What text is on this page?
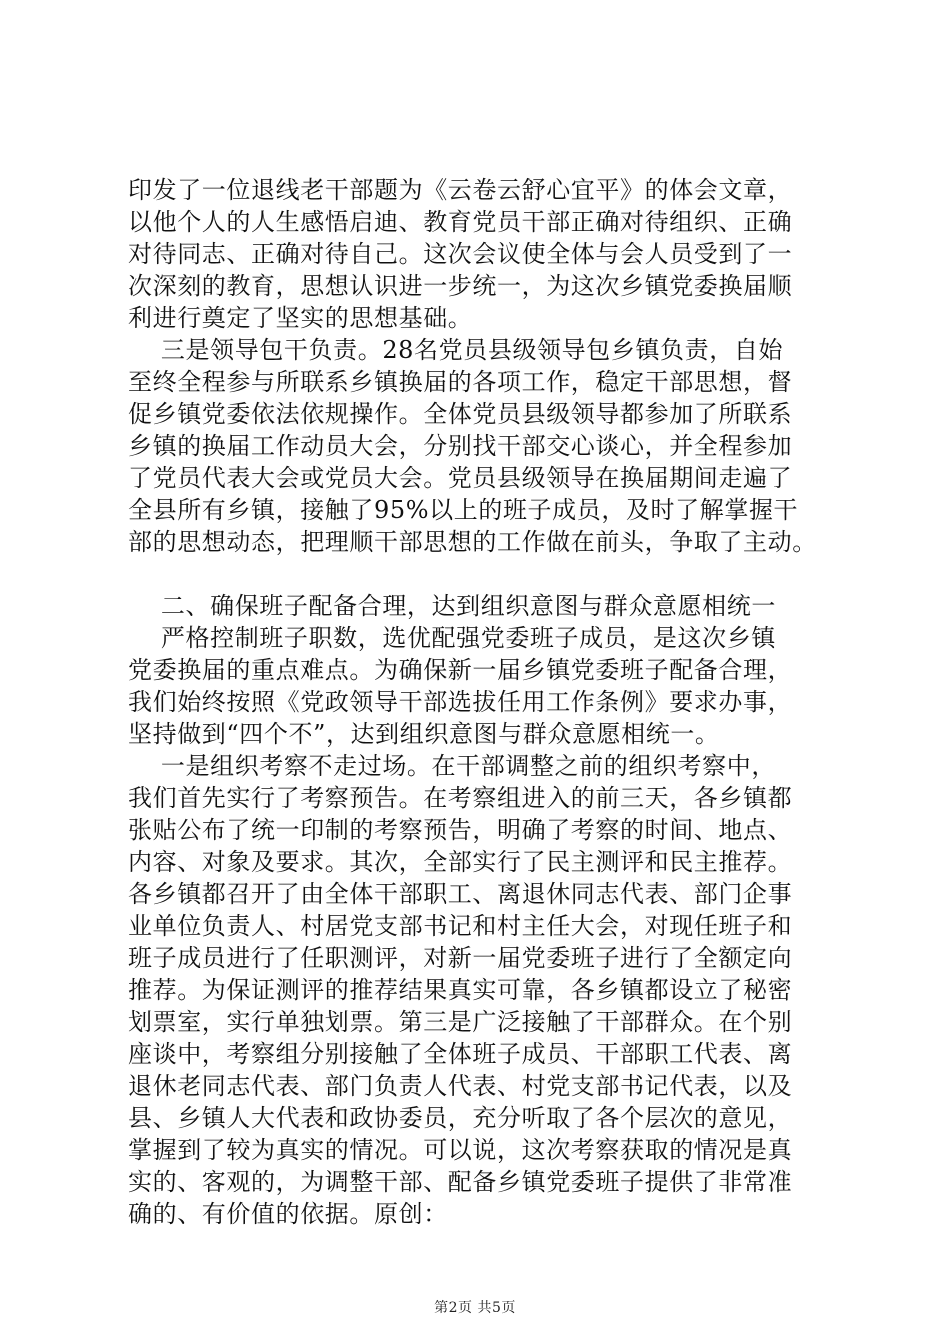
印发了一位退线老干部题为《云卷云舒心宜平》的体会文章，
以他个人的人生感悟启迪、教育党员干部正确对待组织、正确
对待同志、正确对待自己。这次会议使全体与会人员受到了一
次深刻的教育，思想认识进一步统一，为这次乡镇党委换届顺
利进行奠定了坚实的思想基础。
三是领导包干负责。28名党员县级领导包乡镇负责，自始
至终全程参与所联系乡镇换届的各项工作，稳定干部思想，督
促乡镇党委依法依规操作。全体党员县级领导都参加了所联系
乡镇的换届工作动员大会，分别找干部交心谈心，并全程参加
了党员代表大会或党员大会。党员县级领导在换届期间走遍了
全县所有乡镇，接触了95%以上的班子成员，及时了解掌握干
部的思想动态，把理顺干部思想的工作做在前头，争取了主动。
二、确保班子配备合理，达到组织意图与群众意愿相统一
严格控制班子职数，选优配强党委班子成员，是这次乡镇
党委换届的重点难点。为确保新一届乡镇党委班子配备合理，
我们始终按照《党政领导干部选拔任用工作条例》要求办事，
坚持做到“四个不”，达到组织意图与群众意愿相统一。
一是组织考察不走过场。在干部调整之前的组织考察中，
我们首先实行了考察预告。在考察组进入的前三天，各乡镇都
张贴公布了统一印制的考察预告，明确了考察的时间、地点、
内容、对象及要求。其次，全部实行了民主测评和民主推荐。
各乡镇都召开了由全体干部职工、离退休同志代表、部门企事
业单位负责人、村居党支部书记和村主任大会，对现任班子和
班子成员进行了任职测评，对新一届党委班子进行了全额定向
推荐。为保证测评的推荐结果真实可靠，各乡镇都设立了秘密
划票室，实行单独划票。第三是广泛接触了干部群众。在个别
座谈中，考察组分别接触了全体班子成员、干部职工代表、离
退休老同志代表、部门负责人代表、村党支部书记代表，以及
县、乡镇人大代表和政协委员，充分听取了各个层次的意见，
掌握到了较为真实的情况。可以说，这次考察获取的情况是真
实的、客观的，为调整干部、配备乡镇党委班子提供了非常准
确的、有价值的依据。原创：
第2页 共5页
